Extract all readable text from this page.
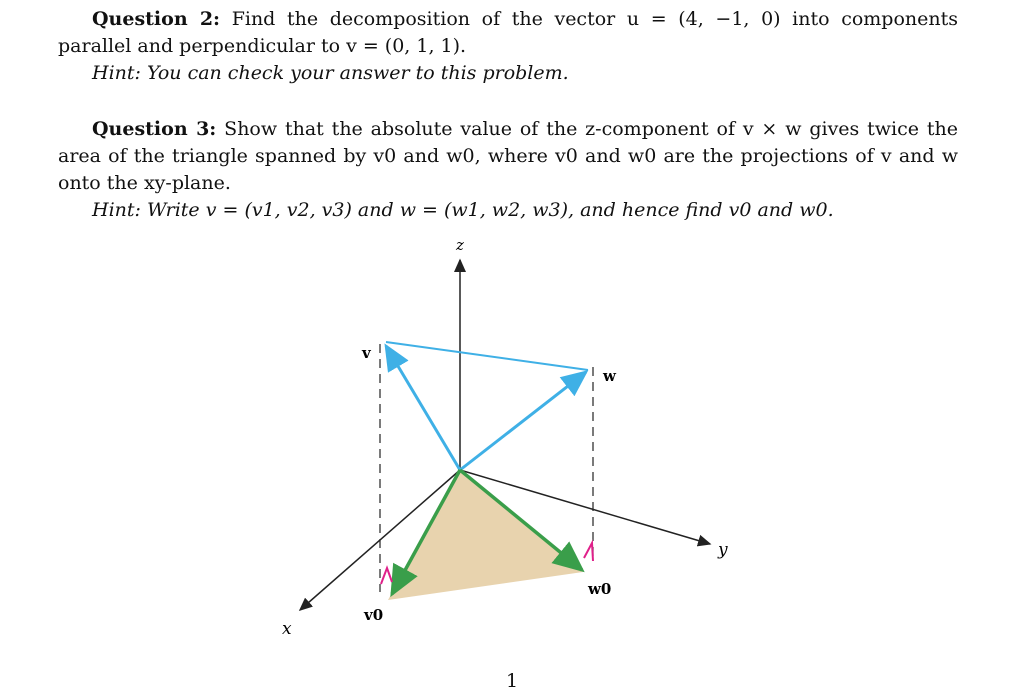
Question 2: Find the decomposition of the vector u = (4, −1, 0) into components
parallel and perpendicular to v = (0, 1, 1).
Hint: You can check your answer to this problem.
Question 3: Show that the absolute value of the z-component of v × w gives twice the
area of the triangle spanned by v0 and w0, where v0 and w0 are the projections of v and w
onto the xy-plane.
Hint: Write v = (v1, v2, v3) and w = (w1, w2, w3), and hence find v0 and w0.
z
y
x
v
w
v0
w0
1
